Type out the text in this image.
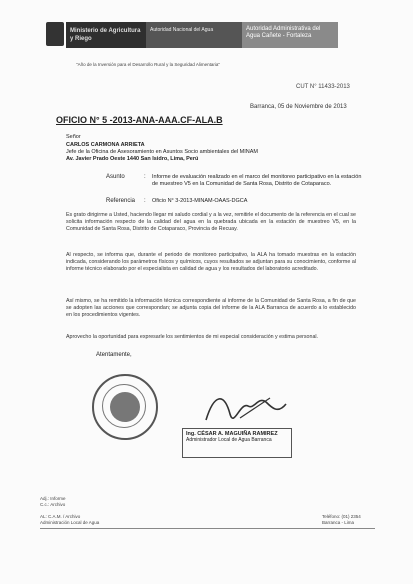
Ministerio de Agricultura y Riego
Autoridad Nacional del Agua	Autoridad Administrativa del Agua Cañete - Fortaleza
"Año de la Inversión para el Desarrollo Rural y la Seguridad Alimentaria"
CUT N° 11433-2013
Barranca, 05 de Noviembre de 2013
OFICIO N° 5 -2013-ANA-AAA.CF-ALA.B
Señor
CARLOS CARMONA ARRIETA
Jefe de la Oficina de Asesoramiento en Asuntos Socio ambientales del MINAM
Av. Javier Prado Oeste 1440 San Isidro, Lima, Perú
Asunto	: Informe de evaluación realizado en el marco del monitoreo participativo en la estación de muestreo V5 en la Comunidad de Santa Rosa, Distrito de Cotaparaco.
Referencia : Oficio N° 3-2013-MINAM-OAAS-DGCA
Es grato dirigirme a Usted, haciendo llegar mi saludo cordial y a la vez, remitirle el documento de la referencia en el cual se solicita información respecto de la calidad del agua en la quebrada ubicada en la estación de muestreo V5, en la Comunidad de Santa Rosa, Distrito de Cotaparaco, Provincia de Recuay.
Al respecto, se informa que, durante el periodo de monitoreo participativo, la ALA ha tomado muestras en la estación indicada, considerando los parámetros físicos y químicos, cuyos resultados se adjuntan para su conocimiento, conforme al informe técnico elaborado por el especialista en calidad de agua y los resultados del laboratorio acreditado.
Así mismo, se ha remitido la información técnica correspondiente al informe de la Comunidad de Santa Rosa, a fin de que se adopten las acciones que correspondan; se adjunta copia del informe de la ALA Barranca de acuerdo a lo establecido en los procedimientos vigentes.
Aprovecho la oportunidad para expresarle los sentimientos de mi especial consideración y estima personal.
Atentamente,
Ing. CÉSAR A. MAGUIÑA RAMIREZ
Administrador Local de Agua Barranca
Adj.: Informe
C.c.: Archivo
AL: C.A.M. / Archivo
Administración Local de Agua
Teléfono: (01) 2354
Barranca - Lima
